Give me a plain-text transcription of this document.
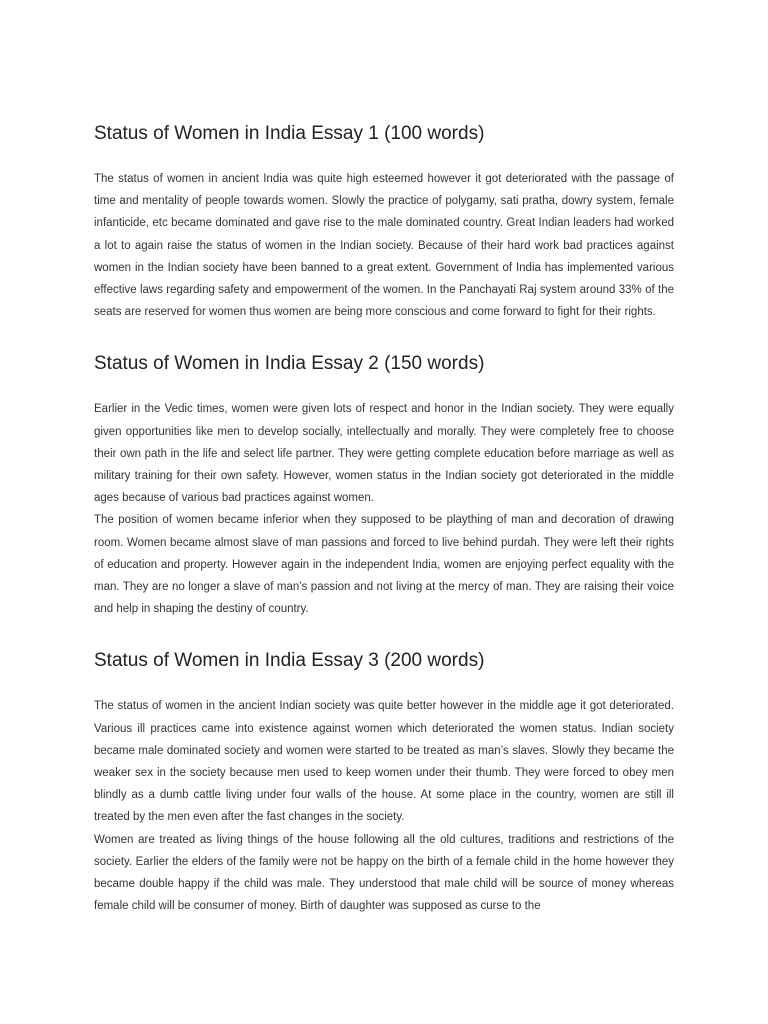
Status of Women in India Essay 1 (100 words)

The status of women in ancient India was quite high esteemed however it got deteriorated with the passage of time and mentality of people towards women. Slowly the practice of polygamy, sati pratha, dowry system, female infanticide, etc became dominated and gave rise to the male dominated country. Great Indian leaders had worked a lot to again raise the status of women in the Indian society. Because of their hard work bad practices against women in the Indian society have been banned to a great extent. Government of India has implemented various effective laws regarding safety and empowerment of the women. In the Panchayati Raj system around 33% of the seats are reserved for women thus women are being more conscious and come forward to fight for their rights.

Status of Women in India Essay 2 (150 words)

Earlier in the Vedic times, women were given lots of respect and honor in the Indian society. They were equally given opportunities like men to develop socially, intellectually and morally. They were completely free to choose their own path in the life and select life partner. They were getting complete education before marriage as well as military training for their own safety. However, women status in the Indian society got deteriorated in the middle ages because of various bad practices against women.

The position of women became inferior when they supposed to be plaything of man and decoration of drawing room. Women became almost slave of man passions and forced to live behind purdah. They were left their rights of education and property. However again in the independent India, women are enjoying perfect equality with the man. They are no longer a slave of man’s passion and not living at the mercy of man. They are raising their voice and help in shaping the destiny of country.

Status of Women in India Essay 3 (200 words)

The status of women in the ancient Indian society was quite better however in the middle age it got deteriorated. Various ill practices came into existence against women which deteriorated the women status. Indian society became male dominated society and women were started to be treated as man’s slaves. Slowly they became the weaker sex in the society because men used to keep women under their thumb. They were forced to obey men blindly as a dumb cattle living under four walls of the house. At some place in the country, women are still ill treated by the men even after the fast changes in the society.

Women are treated as living things of the house following all the old cultures, traditions and restrictions of the society. Earlier the elders of the family were not be happy on the birth of a female child in the home however they became double happy if the child was male. They understood that male child will be source of money whereas female child will be consumer of money. Birth of daughter was supposed as curse to the
